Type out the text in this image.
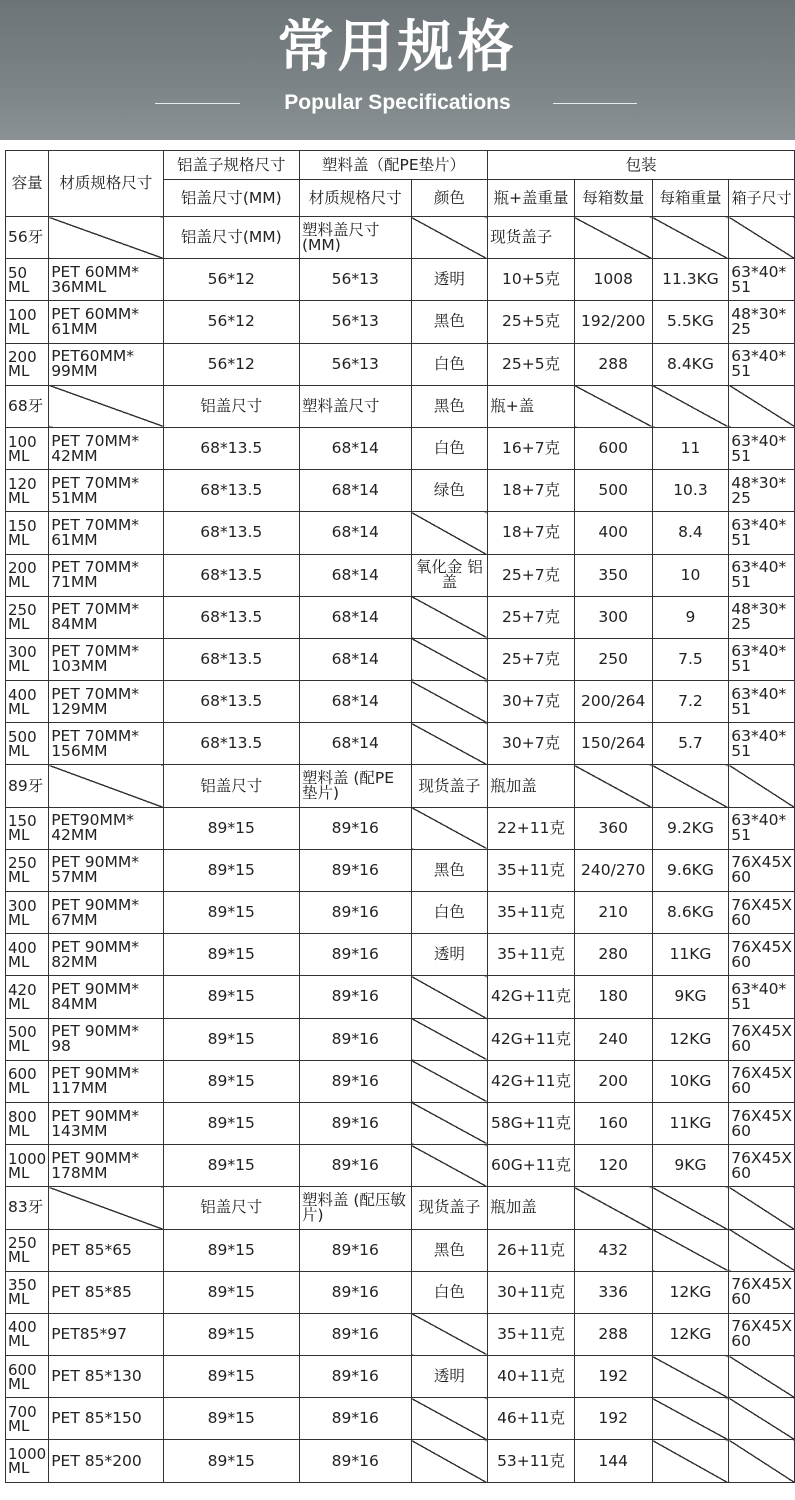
常用规格
Popular Specifications
容量	材质规格尺寸	铝盖子规格尺寸	塑料盖（配PE垫片）		包装			
		铝盖尺寸(MM)	材质规格尺寸	颜色	瓶+盖重量	每箱数量	每箱重量	箱子尺寸
56牙		铝盖尺寸(MM)	塑料盖尺寸(MM)		现货盖子			
50 ML	PET 60MM* 36MML	56*12	56*13	透明	10+5克	1008	11.3KG	63*40* 51
100 ML	PET 60MM* 61MM	56*12	56*13	黑色	25+5克	192/200	5.5KG	48*30* 25
200 ML	PET60MM* 99MM	56*12	56*13	白色	25+5克	288	8.4KG	63*40* 51
68牙		铝盖尺寸	塑料盖尺寸	黑色	瓶+盖			
100 ML	PET 70MM* 42MM	68*13.5	68*14	白色	16+7克	600	11	63*40* 51
120 ML	PET 70MM* 51MM	68*13.5	68*14	绿色	18+7克	500	10.3	48*30* 25
150 ML	PET 70MM* 61MM	68*13.5	68*14		18+7克	400	8.4	63*40* 51
200 ML	PET 70MM* 71MM	68*13.5	68*14	氧化金 铝盖	25+7克	350	10	63*40* 51
250 ML	PET 70MM* 84MM	68*13.5	68*14		25+7克	300	9	48*30* 25
300 ML	PET 70MM* 103MM	68*13.5	68*14		25+7克	250	7.5	63*40* 51
400 ML	PET 70MM* 129MM	68*13.5	68*14		30+7克	200/264	7.2	63*40* 51
500 ML	PET 70MM* 156MM	68*13.5	68*14		30+7克	150/264	5.7	63*40* 51
89牙		铝盖尺寸	塑料盖 (配PE垫片)	现货盖子	瓶加盖			
150 ML	PET90MM* 42MM	89*15	89*16		22+11克	360	9.2KG	63*40* 51
250 ML	PET 90MM* 57MM	89*15	89*16	黑色	35+11克	240/270	9.6KG	76X45X 60
300 ML	PET 90MM* 67MM	89*15	89*16	白色	35+11克	210	8.6KG	76X45X 60
400 ML	PET 90MM* 82MM	89*15	89*16	透明	35+11克	280	11KG	76X45X 60
420 ML	PET 90MM* 84MM	89*15	89*16		42G+11克	180	9KG	63*40* 51
500 ML	PET 90MM* 98	89*15	89*16		42G+11克	240	12KG	76X45X 60
600 ML	PET 90MM* 117MM	89*15	89*16		42G+11克	200	10KG	76X45X 60
800 ML	PET 90MM* 143MM	89*15	89*16		58G+11克	160	11KG	76X45X 60
1000 ML	PET 90MM* 178MM	89*15	89*16		60G+11克	120	9KG	76X45X 60
83牙		铝盖尺寸	塑料盖 (配压敏片)	现货盖子	瓶加盖			
250 ML	PET 85*65	89*15	89*16	黑色	26+11克	432		
350 ML	PET 85*85	89*15	89*16	白色	30+11克	336	12KG	76X45X 60
400 ML	PET85*97	89*15	89*16		35+11克	288	12KG	76X45X 60
600 ML	PET 85*130	89*15	89*16	透明	40+11克	192		
700 ML	PET 85*150	89*15	89*16		46+11克	192		
1000 ML	PET 85*200	89*15	89*16		53+11克	144		
